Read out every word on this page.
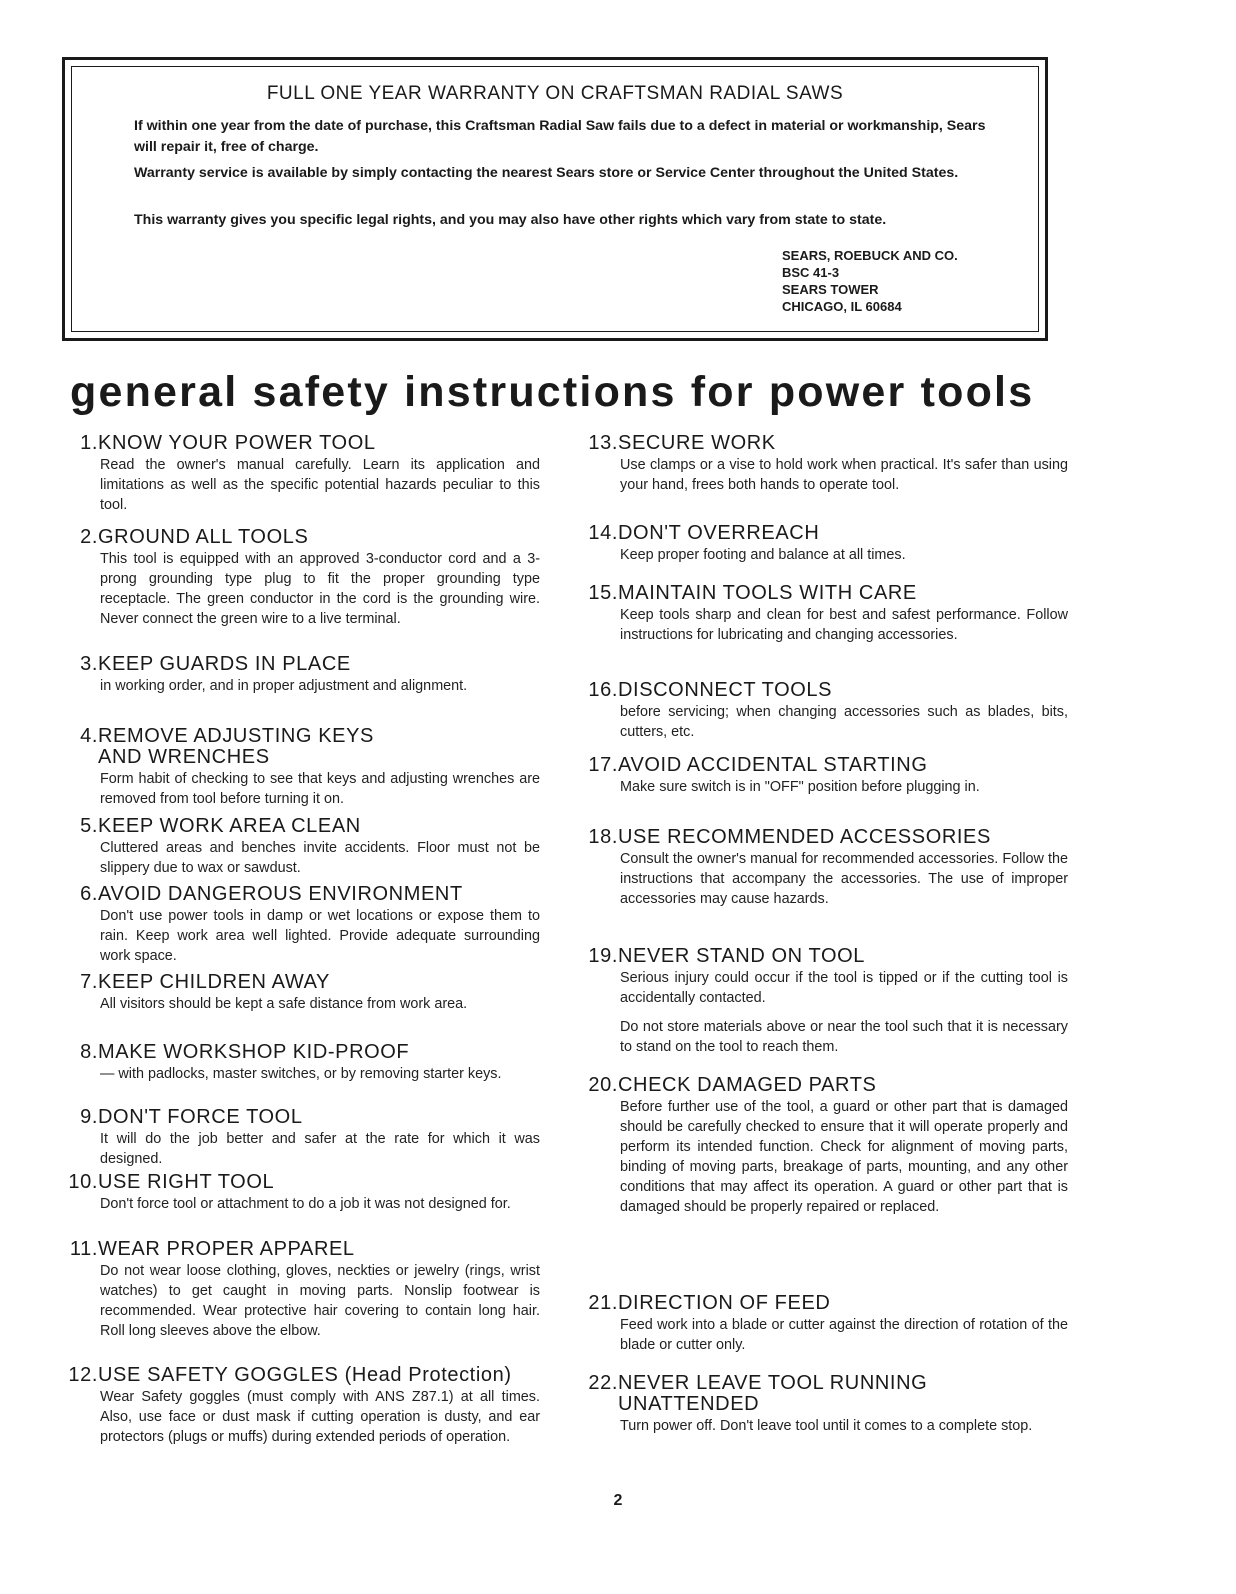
FULL ONE YEAR WARRANTY ON CRAFTSMAN RADIAL SAWS
If within one year from the date of purchase, this Craftsman Radial Saw fails due to a defect in material or workmanship, Sears will repair it, free of charge.
Warranty service is available by simply contacting the nearest Sears store or Service Center throughout the United States.
This warranty gives you specific legal rights, and you may also have other rights which vary from state to state.
SEARS, ROEBUCK AND CO.
BSC 41-3
SEARS TOWER
CHICAGO, IL 60684
general safety instructions for power tools
1. KNOW YOUR POWER TOOL

Read the owner's manual carefully. Learn its application and limitations as well as the specific potential hazards peculiar to this tool.

2. GROUND ALL TOOLS

This tool is equipped with an approved 3-conductor cord and a 3-prong grounding type plug to fit the proper grounding type receptacle. The green conductor in the cord is the grounding wire. Never connect the green wire to a live terminal.

3. KEEP GUARDS IN PLACE

in working order, and in proper adjustment and alignment.

4. REMOVE ADJUSTING KEYS AND WRENCHES

Form habit of checking to see that keys and adjusting wrenches are removed from tool before turning it on.

5. KEEP WORK AREA CLEAN

Cluttered areas and benches invite accidents. Floor must not be slippery due to wax or sawdust.

6. AVOID DANGEROUS ENVIRONMENT

Don't use power tools in damp or wet locations or expose them to rain. Keep work area well lighted. Provide adequate surrounding work space.

7. KEEP CHILDREN AWAY

All visitors should be kept a safe distance from work area.

8. MAKE WORKSHOP KID-PROOF

— with padlocks, master switches, or by removing starter keys.

9. DON'T FORCE TOOL

It will do the job better and safer at the rate for which it was designed.

10. USE RIGHT TOOL

Don't force tool or attachment to do a job it was not designed for.

11. WEAR PROPER APPAREL

Do not wear loose clothing, gloves, neckties or jewelry (rings, wrist watches) to get caught in moving parts. Nonslip footwear is recommended. Wear protective hair covering to contain long hair. Roll long sleeves above the elbow.

12. USE SAFETY GOGGLES (Head Protection)

Wear Safety goggles (must comply with ANS Z87.1) at all times. Also, use face or dust mask if cutting operation is dusty, and ear protectors (plugs or muffs) during extended periods of operation.

13. SECURE WORK

Use clamps or a vise to hold work when practical. It's safer than using your hand, frees both hands to operate tool.

14. DON'T OVERREACH

Keep proper footing and balance at all times.

15. MAINTAIN TOOLS WITH CARE

Keep tools sharp and clean for best and safest performance. Follow instructions for lubricating and changing accessories.

16. DISCONNECT TOOLS

before servicing; when changing accessories such as blades, bits, cutters, etc.

17. AVOID ACCIDENTAL STARTING

Make sure switch is in "OFF" position before plugging in.

18. USE RECOMMENDED ACCESSORIES

Consult the owner's manual for recommended accessories. Follow the instructions that accompany the accessories. The use of improper accessories may cause hazards.

19. NEVER STAND ON TOOL

Serious injury could occur if the tool is tipped or if the cutting tool is accidentally contacted.

Do not store materials above or near the tool such that it is necessary to stand on the tool to reach them.

20. CHECK DAMAGED PARTS

Before further use of the tool, a guard or other part that is damaged should be carefully checked to ensure that it will operate properly and perform its intended function. Check for alignment of moving parts, binding of moving parts, breakage of parts, mounting, and any other conditions that may affect its operation. A guard or other part that is damaged should be properly repaired or replaced.

21. DIRECTION OF FEED

Feed work into a blade or cutter against the direction of rotation of the blade or cutter only.

22. NEVER LEAVE TOOL RUNNING UNATTENDED

Turn power off. Don't leave tool until it comes to a complete stop.

2
